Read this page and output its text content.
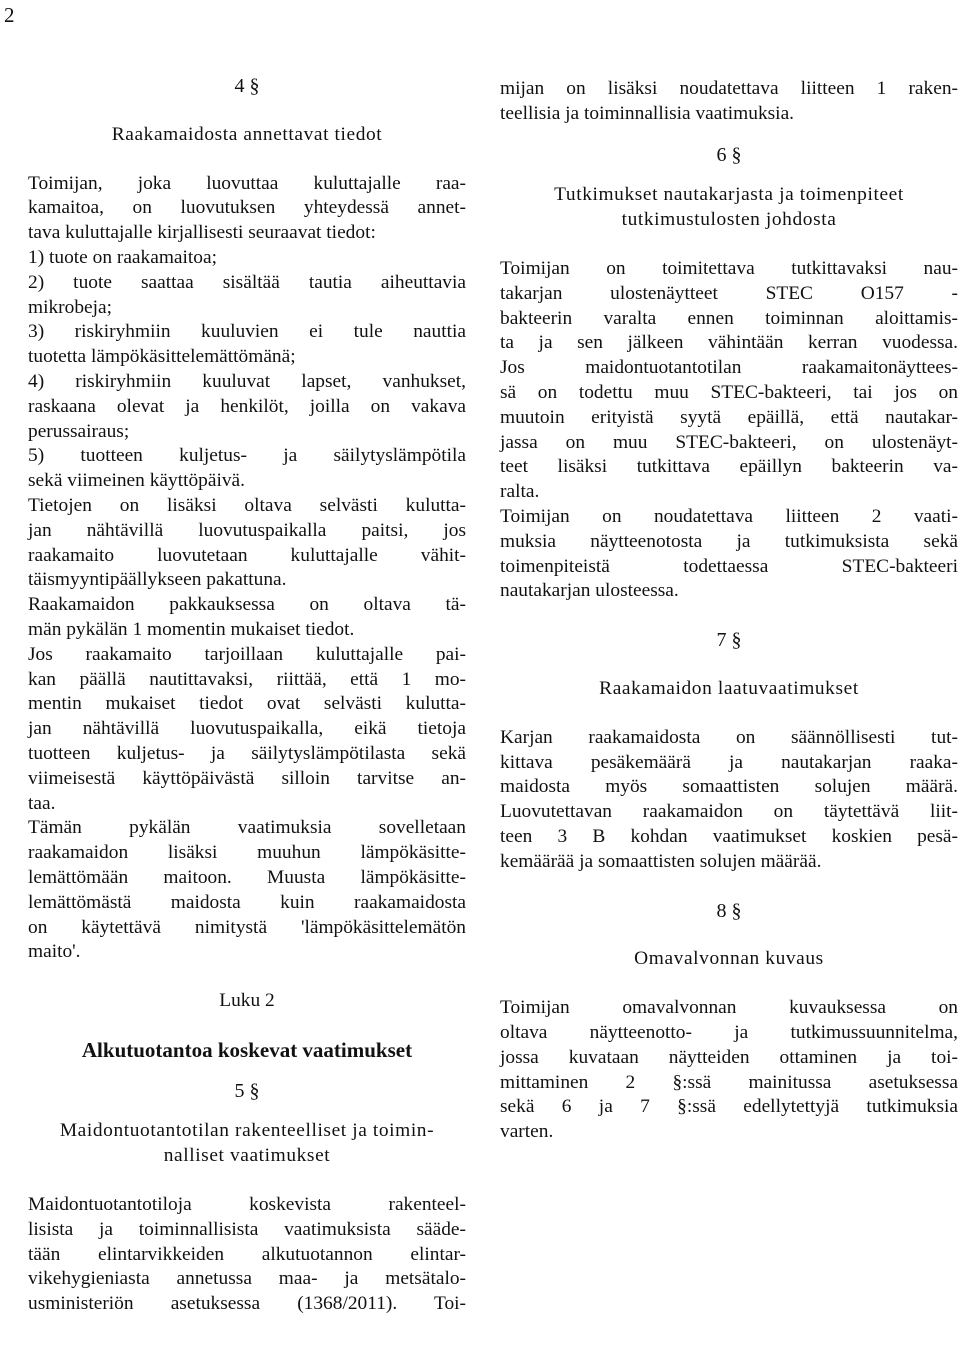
2
4 §
Raakamaidosta annettavat tiedot
Toimijan, joka luovuttaa kuluttajalle raa-
kamaitoa, on luovutuksen yhteydessä annet-
tava kuluttajalle kirjallisesti seuraavat tiedot:
1) tuote on raakamaitoa;
2) tuote saattaa sisältää tautia aiheuttavia
mikrobeja;
3) riskiryhmiin kuuluvien ei tule nauttia
tuotetta lämpökäsittelemättömänä;
4) riskiryhmiin kuuluvat lapset, vanhukset,
raskaana olevat ja henkilöt, joilla on vakava
perussairaus;
5) tuotteen kuljetus- ja säilytyslämpötila
sekä viimeinen käyttöpäivä.
Tietojen on lisäksi oltava selvästi kulutta-
jan nähtävillä luovutuspaikalla paitsi, jos
raakamaito luovutetaan kuluttajalle vähit-
täismyyntipäällykseen pakattuna.
Raakamaidon pakkauksessa on oltava tä-
män pykälän 1 momentin mukaiset tiedot.
Jos raakamaito tarjoillaan kuluttajalle pai-
kan päällä nautittavaksi, riittää, että 1 mo-
mentin mukaiset tiedot ovat selvästi kulutta-
jan nähtävillä luovutuspaikalla, eikä tietoja
tuotteen kuljetus- ja säilytyslämpötilasta sekä
viimeisestä käyttöpäivästä silloin tarvitse an-
taa.
Tämän pykälän vaatimuksia sovelletaan
raakamaidon lisäksi muuhun lämpökäsitte-
lemättömään maitoon. Muusta lämpökäsitte-
lemättömästä maidosta kuin raakamaidosta
on käytettävä nimitystä 'lämpökäsittelemätön
maito'.
Luku 2
Alkutuotantoa koskevat vaatimukset
5 §
Maidontuotantotilan rakenteelliset ja toimin-
nalliset vaatimukset
Maidontuotantotiloja koskevista rakenteel-
lisista ja toiminnallisista vaatimuksista sääde-
tään elintarvikkeiden alkutuotannon elintar-
vikehygieniasta annetussa maa- ja metsätalo-
usministeriön asetuksessa (1368/2011). Toi-
mijan on lisäksi noudatettava liitteen 1 raken-
teellisia ja toiminnallisia vaatimuksia.
6 §
Tutkimukset nautakarjasta ja toimenpiteet
tutkimustulosten johdosta
Toimijan on toimitettava tutkittavaksi nau-
takarjan ulostenäytteet STEC O157 -
bakteerin varalta ennen toiminnan aloittamis-
ta ja sen jälkeen vähintään kerran vuodessa.
Jos maidontuotantotilan raakamaitonäyttees-
sä on todettu muu STEC-bakteeri, tai jos on
muutoin erityistä syytä epäillä, että nautakar-
jassa on muu STEC-bakteeri, on ulostenäyt-
teet lisäksi tutkittava epäillyn bakteerin va-
ralta.
Toimijan on noudatettava liitteen 2 vaati-
muksia näytteenotosta ja tutkimuksista sekä
toimenpiteistä todettaessa STEC-bakteeri
nautakarjan ulosteessa.
7 §
Raakamaidon laatuvaatimukset
Karjan raakamaidosta on säännöllisesti tut-
kittava pesäkemäärä ja nautakarjan raaka-
maidosta myös somaattisten solujen määrä.
Luovutettavan raakamaidon on täytettävä liit-
teen 3 B kohdan vaatimukset koskien pesä-
kemäärää ja somaattisten solujen määrää.
8 §
Omavalvonnan kuvaus
Toimijan omavalvonnan kuvauksessa on
oltava näytteenotto- ja tutkimussuunnitelma,
jossa kuvataan näytteiden ottaminen ja toi-
mittaminen 2 §:ssä mainitussa asetuksessa
sekä 6 ja 7 §:ssä edellytettyjä tutkimuksia
varten.
